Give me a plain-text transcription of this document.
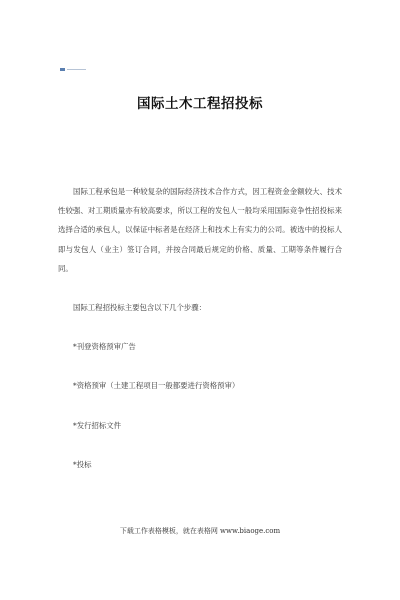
国际土木工程招投标

国际工程承包是一种较复杂的国际经济技术合作方式，因工程资金金额较大、技术性较强、对工期质量亦有较高要求，所以工程的发包人一般均采用国际竞争性招投标来选择合适的承包人，以保证中标者是在经济上和技术上有实力的公司。被选中的投标人即与发包人（业主）签订合同，并按合同最后规定的价格、质量、工期等条件履行合同。

国际工程招投标主要包含以下几个步骤：
*刊登资格预审广告
*资格预审（土建工程项目一般都要进行资格预审）
*发行招标文件
*投标
下载工作表格模板，就在表格网 www.biaoge.com
